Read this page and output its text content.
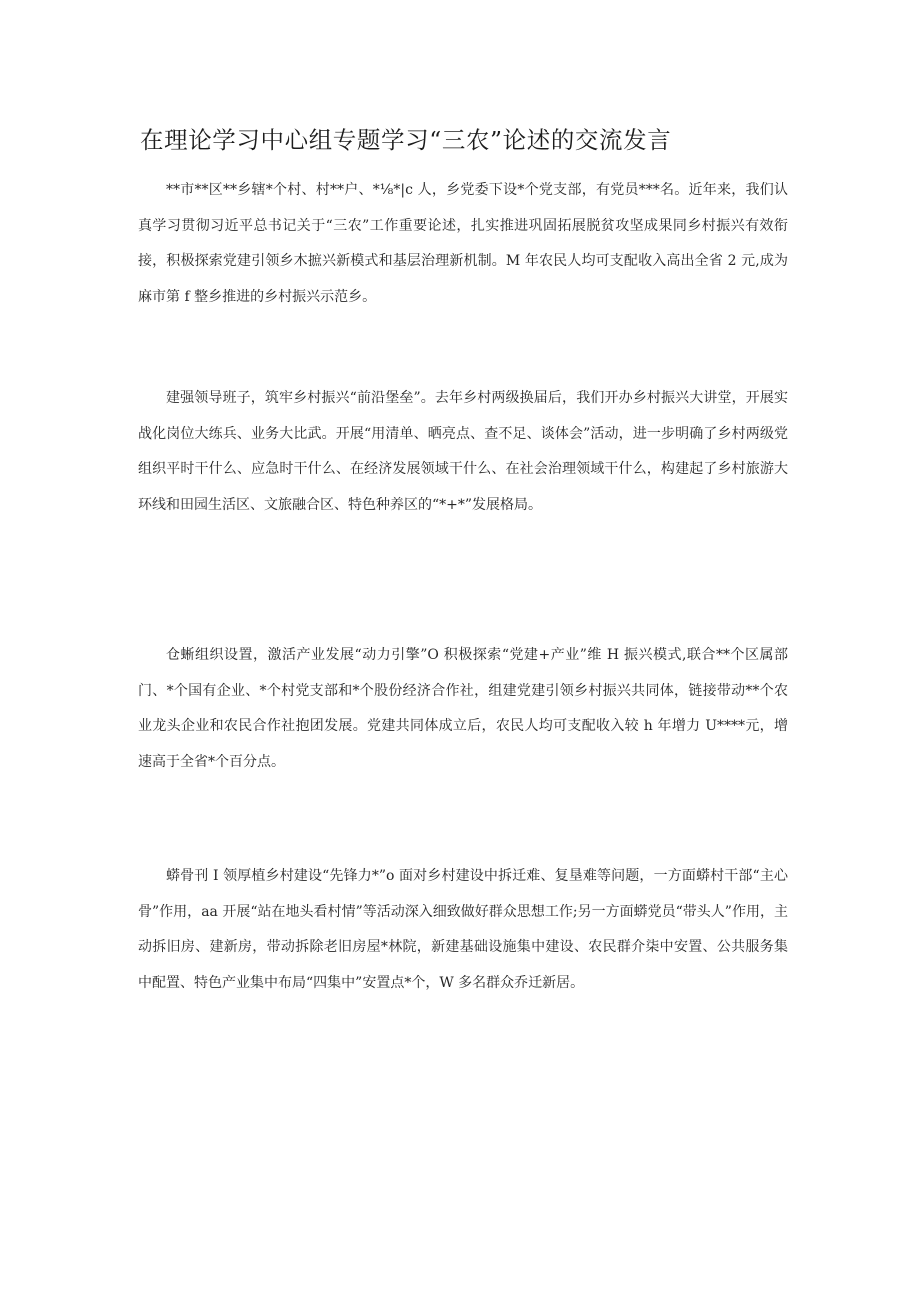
在理论学习中心组专题学习“三农”论述的交流发言

**市**区**乡辖*个村、村**户、*⅛*|c 人，乡党委下设*个党支部，有党员***名。近年来，我们认真学习贯彻习近平总书记关于“三农”工作重要论述，扎实推进巩固拓展脱贫攻坚成果同乡村振兴有效衔接，积极探索党建引领乡木摭兴新模式和基层治理新机制。M 年农民人均可支配收入高出全省 2 元,成为麻市第 f 整乡推进的乡村振兴示范乡。

建强领导班子，筑牢乡村振兴“前沿堡垒”。去年乡村两级换届后，我们开办乡村振兴大讲堂，开展实战化岗位大练兵、业务大比武。开展“用清单、晒亮点、查不足、谈体会”活动，进一步明确了乡村两级党组织平时干什么、应急时干什么、在经济发展领域干什么、在社会治理领域干什么，构建起了乡村旅游大环线和田园生活区、文旅融合区、特色种养区的“*+*”发展格局。

仓蜥组织设置，激活产业发展“动力引擎”O 积极探索“党建+产业”维 H 振兴模式,联合**个区属部门、*个国有企业、*个村党支部和*个股份经济合作社，组建党建引领乡村振兴共同体，链接带动**个农业龙头企业和农民合作社抱团发展。党建共同体成立后，农民人均可支配收入较 h 年增力 U****元，增速高于全省*个百分点。

蟒骨刊 I 领厚植乡村建设“先锋力*”o 面对乡村建设中拆迁难、复垦难等问题，一方面蟒村干部“主心骨”作用，aa 开展“站在地头看村情”等活动深入细致做好群众思想工作;另一方面蟒党员“带头人”作用，主动拆旧房、建新房，带动拆除老旧房屋*林院，新建基础设施集中建设、农民群介柒中安置、公共服务集中配置、特色产业集中布局“四集中”安置点*个，W 多名群众乔迁新居。
